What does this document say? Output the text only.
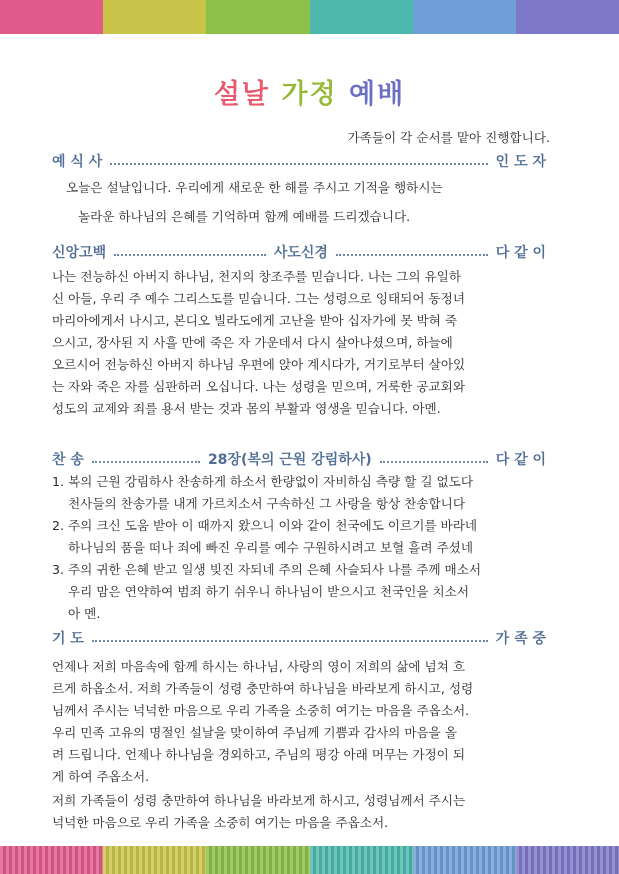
설날 가정 예배
가족들이 각 순서를 맡아 진행합니다.
예 식 사	인 도 자
오늘은 설날입니다. 우리에게 새로운 한 해를 주시고 기적을 행하시는
놀라운 하나님의 은혜를 기억하며 함께 예배를 드리겠습니다.
신앙고백	사도신경	다 같 이
나는 전능하신 아버지 하나님, 천지의 창조주를 믿습니다. 나는 그의 유일하
신 아들, 우리 주 예수 그리스도를 믿습니다. 그는 성령으로 잉태되어 동정녀
마리아에게서 나시고, 본디오 빌라도에게 고난을 받아 십자가에 못 박혀 죽
으시고, 장사된 지 사흘 만에 죽은 자 가운데서 다시 살아나셨으며, 하늘에
오르시어 전능하신 아버지 하나님 우편에 앉아 계시다가, 거기로부터 살아있
는 자와 죽은 자를 심판하러 오십니다. 나는 성령을 믿으며, 거룩한 공교회와
성도의 교제와 죄를 용서 받는 것과 몸의 부활과 영생을 믿습니다. 아멘.
찬 송	28장(복의 근원 강림하사)	다 같 이
1. 복의 근원 강림하사 찬송하게 하소서 한량없이 자비하심 측량 할 길 없도다
천사들의 찬송가를 내게 가르치소서 구속하신 그 사랑을 항상 찬송합니다
2. 주의 크신 도움 받아 이 때까지 왔으니 이와 같이 천국에도 이르기를 바라네
하나님의 품을 떠나 죄에 빠진 우리를 예수 구원하시려고 보혈 흘려 주셨네
3. 주의 귀한 은혜 받고 일생 빚진 자되네 주의 은혜 사슬되사 나를 주께 매소서
우리 맘은 연약하여 범죄 하기 쉬우니 하나님이 받으시고 천국인을 치소서
아 멘.
기 도	가 족 중
언제나 저희 마음속에 함께 하시는 하나님, 사랑의 영이 저희의 삶에 넘쳐 흐
르게 하옵소서. 저희 가족들이 성령 충만하여 하나님을 바라보게 하시고, 성령
님께서 주시는 넉넉한 마음으로 우리 가족을 소중히 여기는 마음을 주옵소서.
우리 민족 고유의 명절인 설날을 맞이하여 주님께 기쁨과 감사의 마음을 올
려 드립니다. 언제나 하나님을 경외하고, 주님의 평강 아래 머무는 가정이 되
게 하여 주옵소서.
저희 가족들이 성령 충만하여 하나님을 바라보게 하시고, 성령님께서 주시는
넉넉한 마음으로 우리 가족을 소중히 여기는 마음을 주옵소서.
